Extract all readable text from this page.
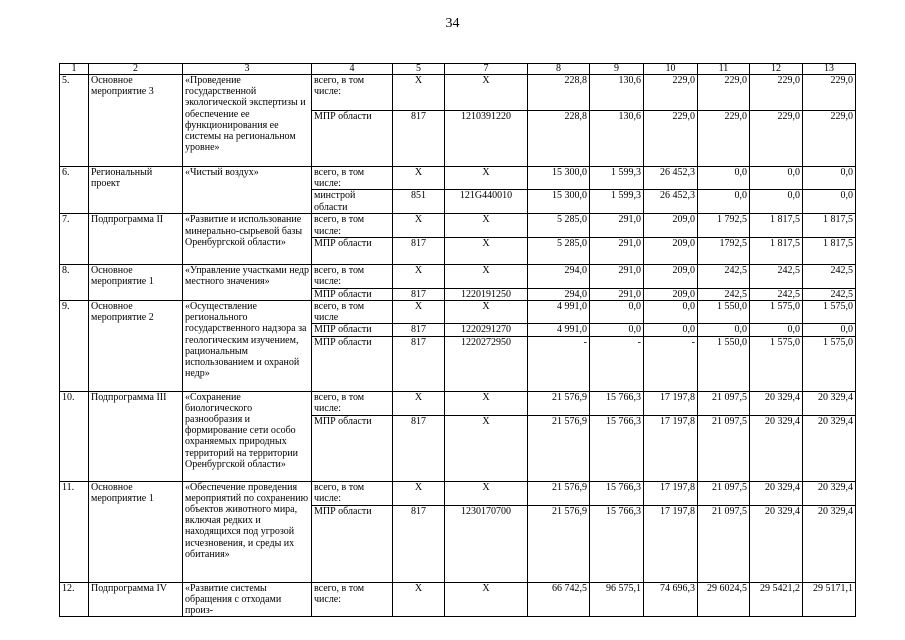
34
1	2	3	4	5	7	8	9	10	11	12	13
5.	Основное мероприятие 3	«Проведение государственной экологической экспертизы и обеспечение ее функционирования ее системы на региональном уровне»	всего, в том числе:	X	X	228,8	130,6	229,0	229,0	229,0	229,0
			МПР области	817	1210391220	228,8	130,6	229,0	229,0	229,0	229,0
6.	Региональный проект	«Чистый воздух»	всего, в том числе:	X	X	15 300,0	1 599,3	26 452,3	0,0	0,0	0,0
			минстрой области	851	121G440010	15 300,0	1 599,3	26 452,3	0,0	0,0	0,0
7.	Подпрограмма II	«Развитие и использование минерально-сырьевой базы Оренбургской области»	всего, в том числе:	X	X	5 285,0	291,0	209,0	1 792,5	1 817,5	1 817,5
			МПР области	817	X	5 285,0	291,0	209,0	1792,5	1 817,5	1 817,5
8.	Основное мероприятие 1	«Управление участками недр местного значения»	всего, в том числе:	X	X	294,0	291,0	209,0	242,5	242,5	242,5
			МПР области	817	1220191250	294,0	291,0	209,0	242,5	242,5	242,5
9.	Основное мероприятие 2	«Осуществление регионального государственного надзора за геологическим изучением, рациональным использованием и охраной недр»	всего, в том числе	X	X	4 991,0	0,0	0,0	1 550,0	1 575,0	1 575,0
			МПР области	817	1220291270	4 991,0	0,0	0,0	0,0	0,0	0,0
			МПР области	817	1220272950	-	-	-	1 550,0	1 575,0	1 575,0
10.	Подпрограмма III	«Сохранение биологического разнообразия и формирование сети особо охраняемых природных территорий на территории Оренбургской области»	всего, в том числе:	X	X	21 576,9	15 766,3	17 197,8	21 097,5	20 329,4	20 329,4
			МПР области	817	X	21 576,9	15 766,3	17 197,8	21 097,5	20 329,4	20 329,4
11.	Основное мероприятие 1	«Обеспечение проведения мероприятий по сохранению объектов животного мира, включая редких и находящихся под угрозой исчезновения, и среды их обитания»	всего, в том числе:	X	X	21 576,9	15 766,3	17 197,8	21 097,5	20 329,4	20 329,4
			МПР области	817	1230170700	21 576,9	15 766,3	17 197,8	21 097,5	20 329,4	20 329,4
12.	Подпрограмма IV	«Развитие системы обращения с отходами произ-	всего, в том числе:	X	X	66 742,5	96 575,1	74 696,3	29 6024,5	29 5421,2	29 5171,1
